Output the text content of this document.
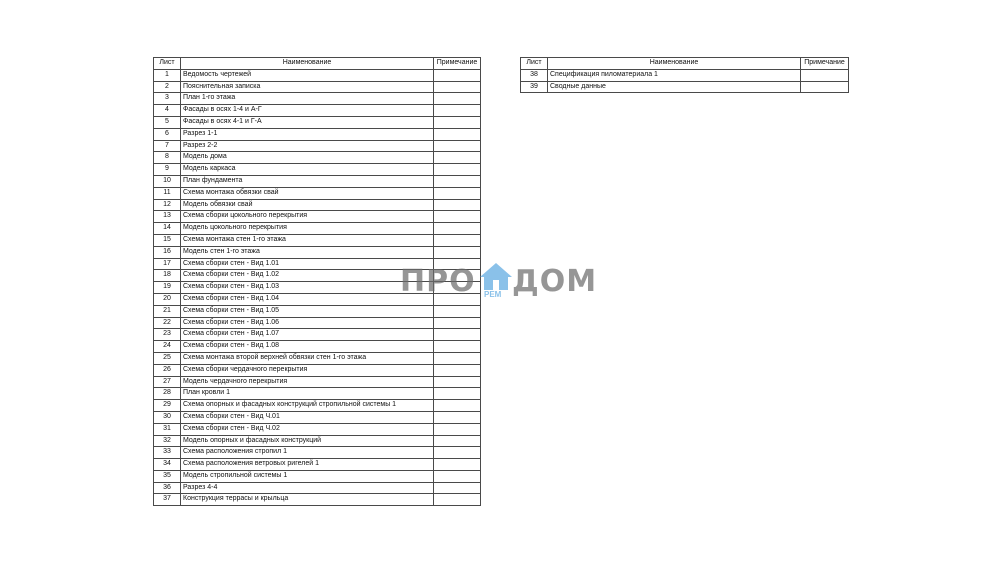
Лист	Наименование	Примечание
1	Ведомость чертежей	
2	Пояснительная записка	
3	План 1-го этажа	
4	Фасады в осях 1-4 и А-Г	
5	Фасады в осях 4-1 и Г-А	
6	Разрез 1-1	
7	Разрез 2-2	
8	Модель дома	
9	Модель каркаса	
10	План фундамента	
11	Схема монтажа обвязки свай	
12	Модель обвязки свай	
13	Схема сборки цокольного перекрытия	
14	Модель цокольного перекрытия	
15	Схема монтажа стен 1-го этажа	
16	Модель стен 1-го этажа	
17	Схема сборки стен - Вид 1.01	
18	Схема сборки стен - Вид 1.02	
19	Схема сборки стен - Вид 1.03	
20	Схема сборки стен - Вид 1.04	
21	Схема сборки стен - Вид 1.05	
22	Схема сборки стен - Вид 1.06	
23	Схема сборки стен - Вид 1.07	
24	Схема сборки стен - Вид 1.08	
25	Схема монтажа второй верхней обвязки стен 1-го этажа	
26	Схема сборки чердачного перекрытия	
27	Модель чердачного перекрытия	
28	План кровли 1	
29	Схема опорных и фасадных конструкций стропильной системы 1	
30	Схема сборки стен - Вид Ч.01	
31	Схема сборки стен - Вид Ч.02	
32	Модель опорных и фасадных конструкций	
33	Схема расположения стропил 1	
34	Схема расположения ветровых ригелей 1	
35	Модель стропильной системы 1	
36	Разрез 4-4	
37	Конструкция террасы и крыльца	
Лист	Наименование	Примечание
38	Спецификация пиломатериала 1	
39	Сводные данные	
ПРО РЕМ ДОМ
